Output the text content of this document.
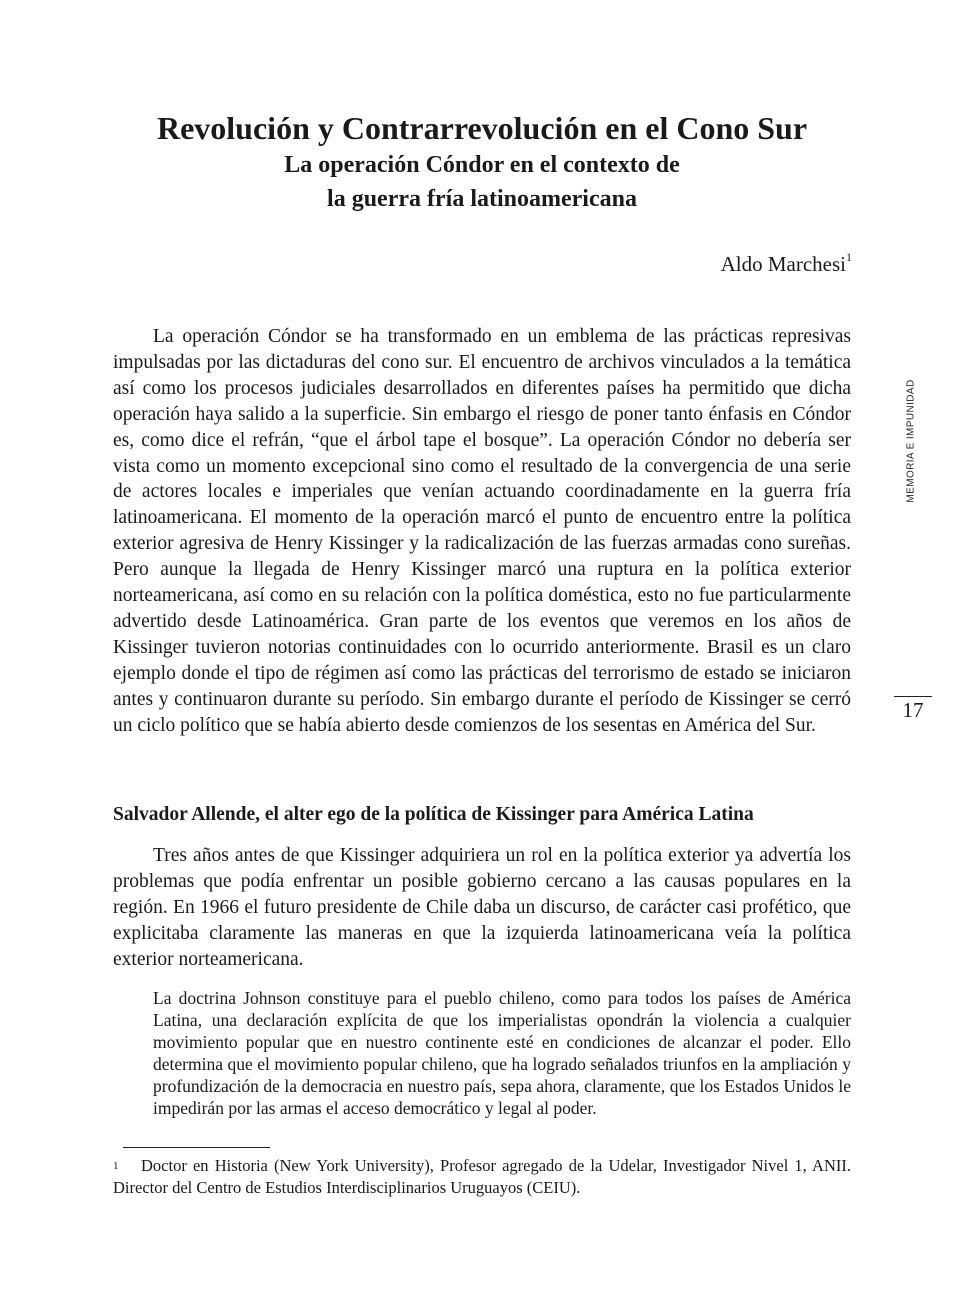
Revolución y Contrarrevolución en el Cono Sur
La operación Cóndor en el contexto de
la guerra fría latinoamericana
Aldo Marchesi$^1$
La operación Cóndor se ha transformado en un emblema de las prácticas represivas impulsadas por las dictaduras del cono sur. El encuentro de archivos vinculados a la temática así como los procesos judiciales desarrollados en diferentes países ha permitido que dicha operación haya salido a la superficie. Sin embargo el riesgo de poner tanto énfasis en Cóndor es, como dice el refrán, “que el árbol tape el bosque”. La operación Cóndor no debería ser vista como un momento excepcional sino como el resultado de la convergencia de una serie de actores locales e imperiales que venían actuando coordinadamente en la guerra fría latinoamericana. El momento de la operación marcó el punto de encuentro entre la política exterior agresiva de Henry Kissinger y la radicalización de las fuerzas armadas cono sureñas. Pero aunque la llegada de Henry Kissinger marcó una ruptura en la política exterior norteamericana, así como en su relación con la política doméstica, esto no fue particularmente advertido desde Latinoamérica. Gran parte de los eventos que veremos en los años de Kissinger tuvieron notorias continuidades con lo ocurrido anteriormente. Brasil es un claro ejemplo donde el tipo de régimen así como las prácticas del terrorismo de estado se iniciaron antes y continuaron durante su período. Sin embargo durante el período de Kissinger se cerró un ciclo político que se había abierto desde comienzos de los sesentas en América del Sur.
Salvador Allende, el alter ego de la política de Kissinger para América Latina
Tres años antes de que Kissinger adquiriera un rol en la política exterior ya advertía los problemas que podía enfrentar un posible gobierno cercano a las causas populares en la región. En 1966 el futuro presidente de Chile daba un discurso, de carácter casi profético, que explicitaba claramente las maneras en que la izquierda latinoamericana veía la política exterior norteamericana.
La doctrina Johnson constituye para el pueblo chileno, como para todos los países de América Latina, una declaración explícita de que los imperialistas opondrán la violencia a cualquier movimiento popular que en nuestro continente esté en condiciones de alcanzar el poder. Ello determina que el movimiento popular chileno, que ha logrado señalados triunfos en la ampliación y profundización de la democracia en nuestro país, sepa ahora, claramente, que los Estados Unidos le impedirán por las armas el acceso democrático y legal al poder.
1 Doctor en Historia (New York University), Profesor agregado de la Udelar, Investigador Nivel 1, ANII. Director del Centro de Estudios Interdisciplinarios Uruguayos (CEIU).
MEMORIA E IMPUNIDAD
17
